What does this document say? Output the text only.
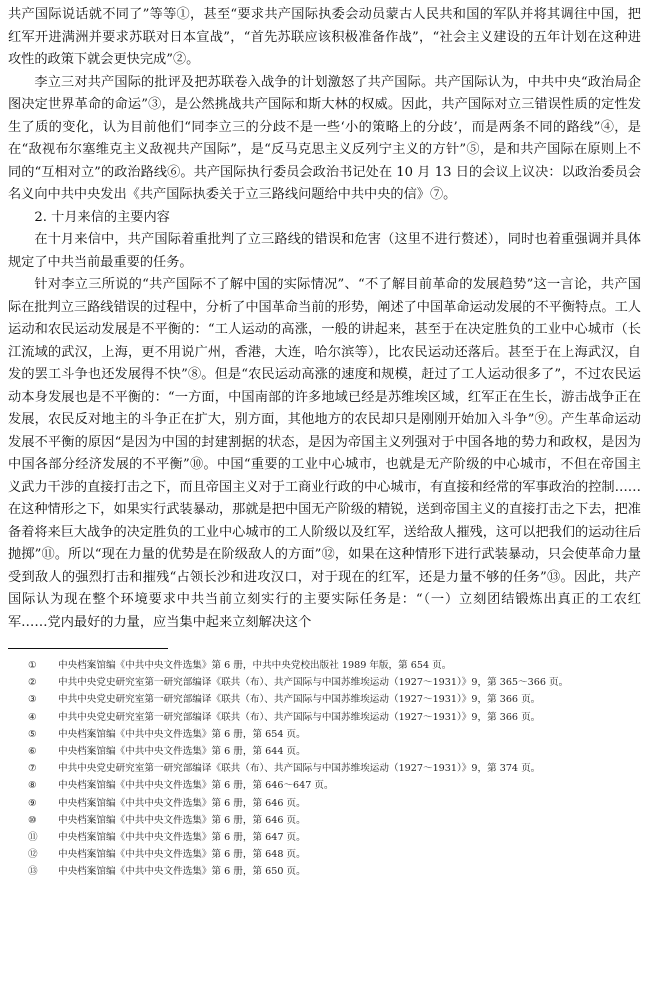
共产国际说话就不同了”等等①，甚至“要求共产国际执委会动员蒙古人民共和国的军队并将其调往中国，把红军开进满洲并要求苏联对日本宣战”，“首先苏联应该积极准备作战”，“社会主义建设的五年计划在这种进攻性的政策下就会更快完成”②。

李立三对共产国际的批评及把苏联卷入战争的计划激怒了共产国际。共产国际认为，中共中央“政治局企图决定世界革命的命运”③，是公然挑战共产国际和斯大林的权威。因此，共产国际对立三错误性质的定性发生了质的变化，认为目前他们“同李立三的分歧不是一些‘小的策略上的分歧’，而是两条不同的路线”④，是在“敌视布尔塞维克主义敌视共产国际”，是“反马克思主义反列宁主义的方针”⑤，是和共产国际在原则上不同的“互相对立”的政治路线⑥。共产国际执行委员会政治书记处在 10 月 13 日的会议上议决：以政治委员会名义向中共中央发出《共产国际执委关于立三路线问题给中共中央的信》⑦。

2. 十月来信的主要内容

在十月来信中，共产国际着重批判了立三路线的错误和危害（这里不进行赘述），同时也着重强调并具体规定了中共当前最重要的任务。

针对李立三所说的“共产国际不了解中国的实际情况”、“不了解目前革命的发展趋势”这一言论，共产国际在批判立三路线错误的过程中，分析了中国革命当前的形势，阐述了中国革命运动发展的不平衡特点。工人运动和农民运动发展是不平衡的：“工人运动的高涨，一般的讲起来，甚至于在决定胜负的工业中心城市（长江流域的武汉，上海，更不用说广州，香港，大连，哈尔滨等），比农民运动还落后。甚至于在上海武汉，自发的罢工斗争也还发展得不快”⑧。但是“农民运动高涨的速度和规模，赶过了工人运动很多了”，不过农民运动本身发展也是不平衡的：“一方面，中国南部的许多地域已经是苏维埃区域，红军正在生长，游击战争正在发展，农民反对地主的斗争正在扩大，别方面，其他地方的农民却只是刚刚开始加入斗争”⑨。产生革命运动发展不平衡的原因“是因为中国的封建割据的状态，是因为帝国主义列强对于中国各地的势力和政权，是因为中国各部分经济发展的不平衡”⑩。中国“重要的工业中心城市，也就是无产阶级的中心城市，不但在帝国主义武力干涉的直接打击之下，而且帝国主义对于工商业行政的中心城市，有直接和经常的军事政治的控制……在这种情形之下，如果实行武装暴动，那就是把中国无产阶级的精锐，送到帝国主义的直接打击之下去，把准备着将来巨大战争的决定胜负的工业中心城市的工人阶级以及红军，送给敌人摧残，这可以把我们的运动往后抛掷”⑪。所以“现在力量的优势是在阶级敌人的方面”⑫，如果在这种情形下进行武装暴动，只会使革命力量受到敌人的强烈打击和摧残“占领长沙和进攻汉口，对于现在的红军，还是力量不够的任务”⑬。因此，共产国际认为现在整个环境要求中共当前立刻实行的主要实际任务是：“（一）立刻团结锻炼出真正的工农红军……党内最好的力量，应当集中起来立刻解决这个

①	中央档案馆编《中共中央文件选集》第 6 册，中共中央党校出版社 1989 年版，第 654 页。
②	中共中央党史研究室第一研究部编译《联共（布）、共产国际与中国苏维埃运动（1927～1931）》9，第 365～366 页。
③	中共中央党史研究室第一研究部编译《联共（布）、共产国际与中国苏维埃运动（1927～1931）》9，第 366 页。
④	中共中央党史研究室第一研究部编译《联共（布）、共产国际与中国苏维埃运动（1927～1931）》9，第 366 页。
⑤	中央档案馆编《中共中央文件选集》第 6 册，第 654 页。
⑥	中央档案馆编《中共中央文件选集》第 6 册，第 644 页。
⑦	中共中央党史研究室第一研究部编译《联共（布）、共产国际与中国苏维埃运动（1927～1931）》9，第 374 页。
⑧	中央档案馆编《中共中央文件选集》第 6 册，第 646～647 页。
⑨	中央档案馆编《中共中央文件选集》第 6 册，第 646 页。
⑩	中央档案馆编《中共中央文件选集》第 6 册，第 646 页。
⑪	中央档案馆编《中共中央文件选集》第 6 册，第 647 页。
⑫	中央档案馆编《中共中央文件选集》第 6 册，第 648 页。
⑬	中央档案馆编《中共中央文件选集》第 6 册，第 650 页。
